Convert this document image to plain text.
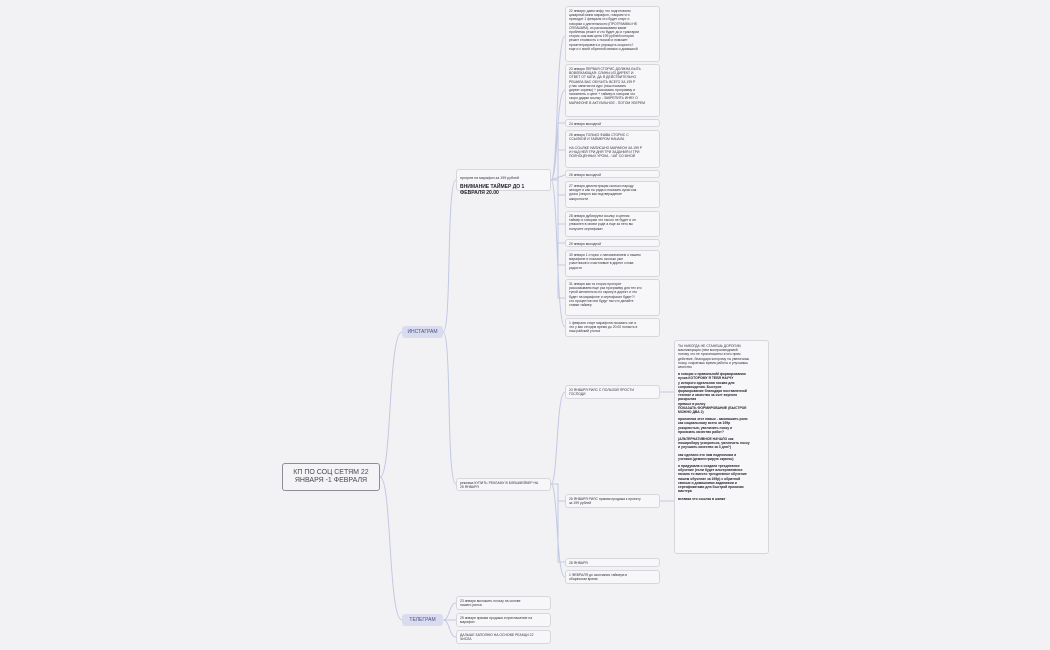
КП ПО СОЦ СЕТЯМ 22
ЯНВАРЯ -1 ФЕВРАЛЯ
ИНСТАГРАМ
ТЕЛЕГРАМ

прогрев на марафон за 199 рублей

ВНИМАНИЕ ТАЙМЕР ДО 1
ФЕВРАЛЯ 20.00

22 января: даем инфу что подготовили
цикарный мини марафон, говорим что
приходит 1 февраля что будет старт и
говорим о длительности (ПРОГРАММЫ НЕ
ОПЛАШИМ), из рассказываем какие
проблемы решит и что будет до и трактарии
сторис: как вам цена 199 рублей которая
решит стоимость с ноской и поможет
проинтегрировать и упрощить скорость?
еще и с моей обратной связью и домашкой
23 января ПЕРВАЯ СТОРИС ДОЛЖНА БЫТЬ
ВОВЛЕКАЮЩАЯ: СЛИНЫ ИЗ ДИРЕКТ И
ОТВЕТ ОТ КАТИ, ДА Я ДЕЙСТВИТЕЛЬНО
РЕШИЛА ВАС ОБУЧИТЬ ВСЕГО ЗА 199 Р
у нас занятия на курс (наш показать
директ скрины) + рассказать программу и
напомнить о цене + таймер и говорим что
скоро дадим ссылку - ЗАКРЕПИТЬ ИНФУ О
МАРАФОНЕ В АКТУАЛЬНОЕ - ПОТОМ УБЕРЕМ
24 января выходной
25 января ТОЛЬКО ФШВА СТОРИС С
ССЫЛКОЙ И ТАЙМЕРОМ НАЧАЛА

НА ССЫЛКЕ НАПИСАНО МАРАФОН ЗА 199 Р
И НАД НЕЙ ТРИ ДНЯ ТРИ ЗАДАНИЯ И ТРИ
ПОЛНОЦЕННЫХ УРОКА - ЧАТ СО МНОЙ
26 января выходной
27 января демонстрация сколько народу
заходит и как ты рада и показать куски как
урока (чекрол как подтверждение
шкоролости
28 января дублируем ссылку и ценник
таймер и говорим что такого не будет и он
уникален в своем роде а еще за него вы
получите сертификат
29 января выходной
30 января 1 сторис с напоминанием о нашем
марафоне и показать сколько уже
участников и счастливые в директ слова
радости
31 января как та сторис прогорит
рассказываем еще раз программу для тех кто
тупой желательно по скрину в директ и что
будет на марафоне и сертификат будет?!
сто процентов они будут так что делайте
ставки таймер
1 февраля старт марафона показать чат и
что у вас сегодня время до 20.00 попасть в
наш райский уголок
реклама КУПИТЬ РЕКЛАМУ В БЛЕШМЕЙКЕР НА
25 ЯНВАРЯ
23 ЯНВАРЯ РИЛС С ПОЛЬЗОЙ ПРОСТИ
ГОСПОДИ
25 ЯНВАРЯ РИЛС прямая продажа к проекту
за 199 рублей
28 ЯНВАРЯ
1 ФЕВРАЛЯ до окончания таймера в
общинском время

ТЫ НИКОГДА НЕ СТАНЕШЬ ДОРОГИМ
маьникюрщом (нем воспроизводимой
потому что не произношены этого прям
действие, благодаря которому ты увеличишь
носку, сократишь время работы и улучшишь
качество

в говорю о правильноМ формировании
пучка КОТОРОМУ Я ТЕБЯ НАУЧУ
у которого идеальная ноская для
сопровождения. Быстрое
формирование благодаря поставленной
технике и качество за счет верного
раскрытия
прямые в рилсу
ПОКАЗАТЬ ФОРМИРОВАНИЕ (БЫСТРОЕ
МОЖНО ДВА 2)

пролопнки этот навык - закопашить рилс
как социальному всего за 199р
ускорюстью, увеличить носку и
прокачать качество работ?

(АЛЬТЕРНАТИВНОЕ НАЧАЛО как
поширобиру ускориться, увеличить носку
и улучшить качество за 3 дня?)

как сделали это нам подписчики и
ученики (демонстрирую скрины)

я придумала и создала трехдневное
обучение (если будет альтернативное
начало то вместо трехдневное обучение
пишем обучение за 199р) с обратной
связью и домашними заданиями и
сертификатами для быстрой прокачки
мастера

вставка что ссылка в шапке

23 января выложить пользу на основе
нашего рилса
25 января прямая продажа и приглашение на
марафон
ДАЛЬШЕ ЗАПОЛНЮ НА ОСНОВЕ РЕАКЦИ 22
ЧИСЛА
